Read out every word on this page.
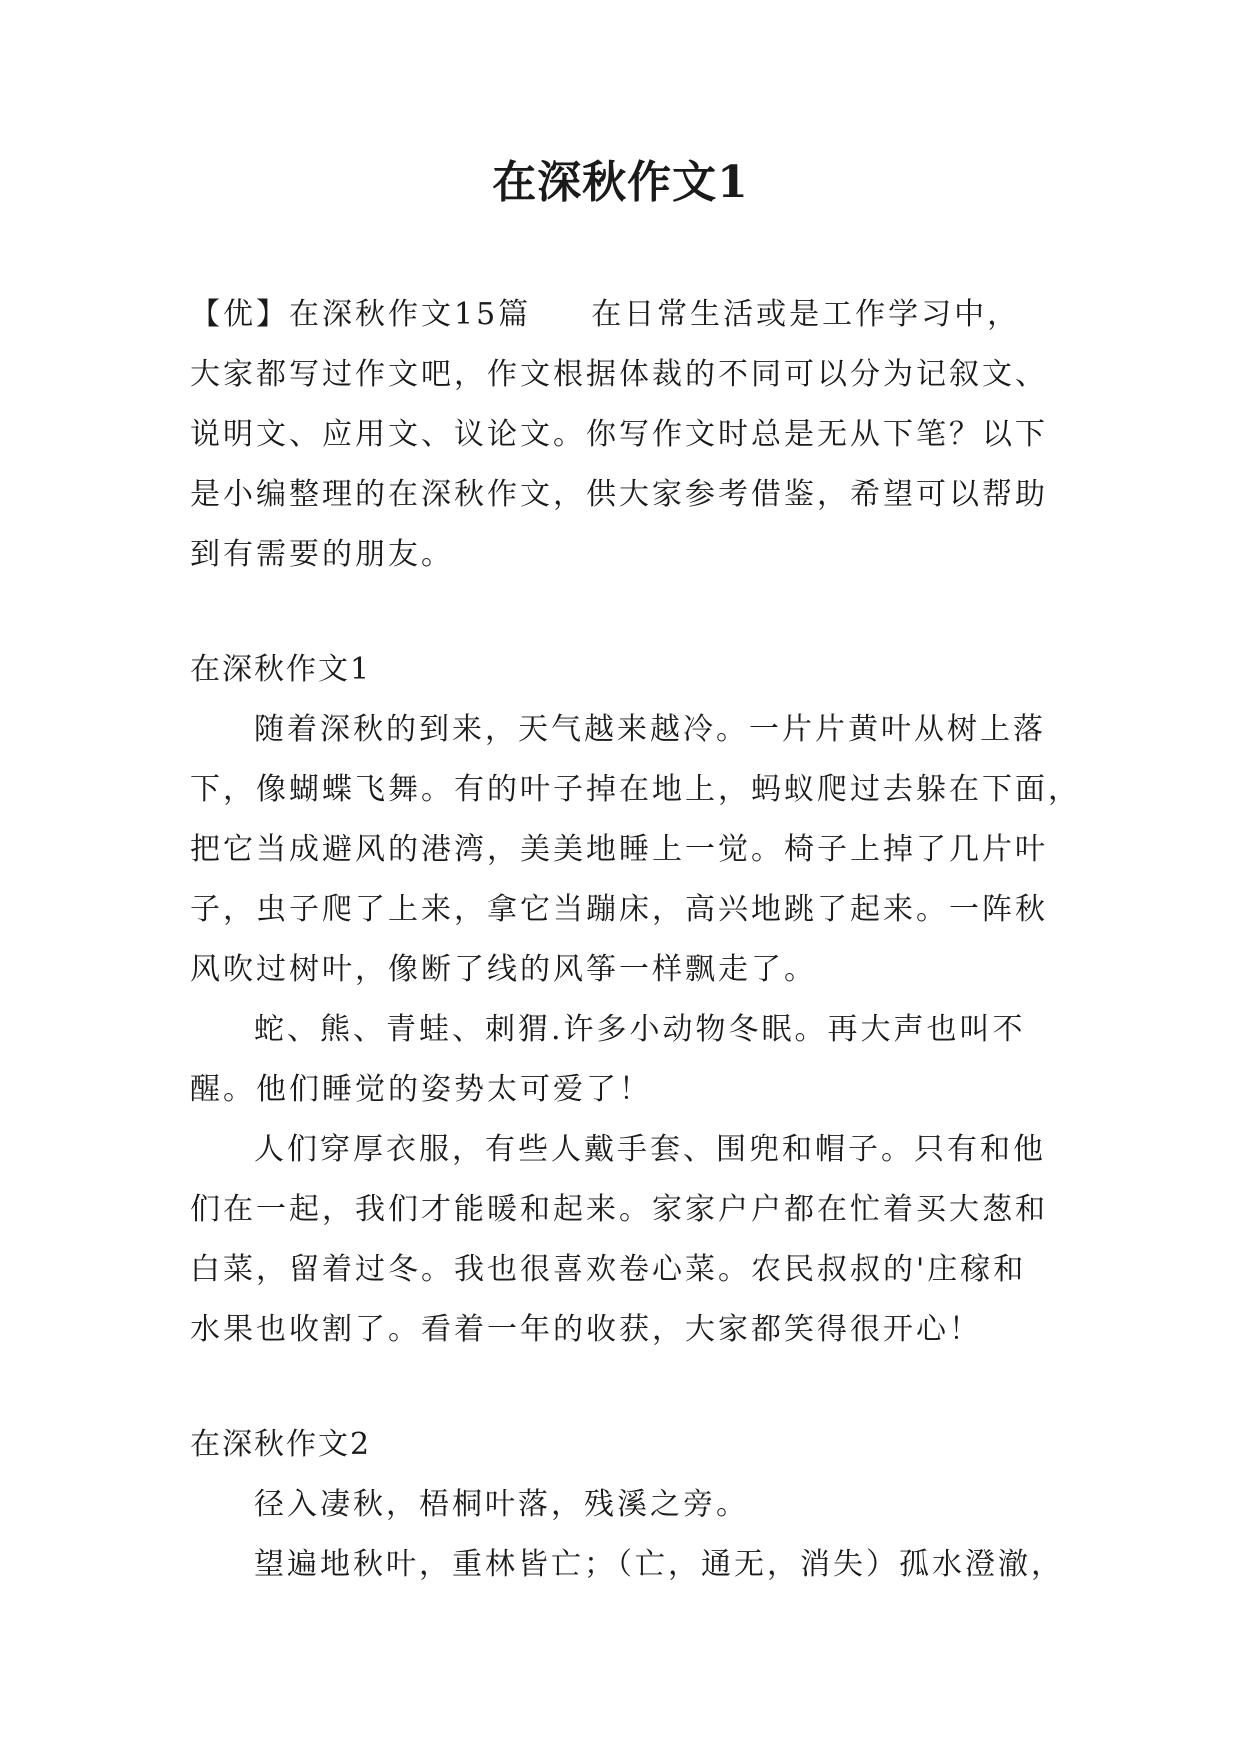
在深秋作文1
【优】在深秋作文15篇 在日常生活或是工作学习中，
大家都写过作文吧，作文根据体裁的不同可以分为记叙文、
说明文、应用文、议论文。你写作文时总是无从下笔？以下
是小编整理的在深秋作文，供大家参考借鉴，希望可以帮助
到有需要的朋友。
在深秋作文1
随着深秋的到来，天气越来越冷。一片片黄叶从树上落
下，像蝴蝶飞舞。有的叶子掉在地上，蚂蚁爬过去躲在下面，
把它当成避风的港湾，美美地睡上一觉。椅子上掉了几片叶
子，虫子爬了上来，拿它当蹦床，高兴地跳了起来。一阵秋
风吹过树叶，像断了线的风筝一样飘走了。
蛇、熊、青蛙、刺猬.许多小动物冬眠。再大声也叫不
醒。他们睡觉的姿势太可爱了！
人们穿厚衣服，有些人戴手套、围兜和帽子。只有和他
们在一起，我们才能暖和起来。家家户户都在忙着买大葱和
白菜，留着过冬。我也很喜欢卷心菜。农民叔叔的'庄稼和
水果也收割了。看着一年的收获，大家都笑得很开心！
在深秋作文2
径入凄秋，梧桐叶落，残溪之旁。
望遍地秋叶，重林皆亡；（亡，通无，消失）孤水澄澈，
